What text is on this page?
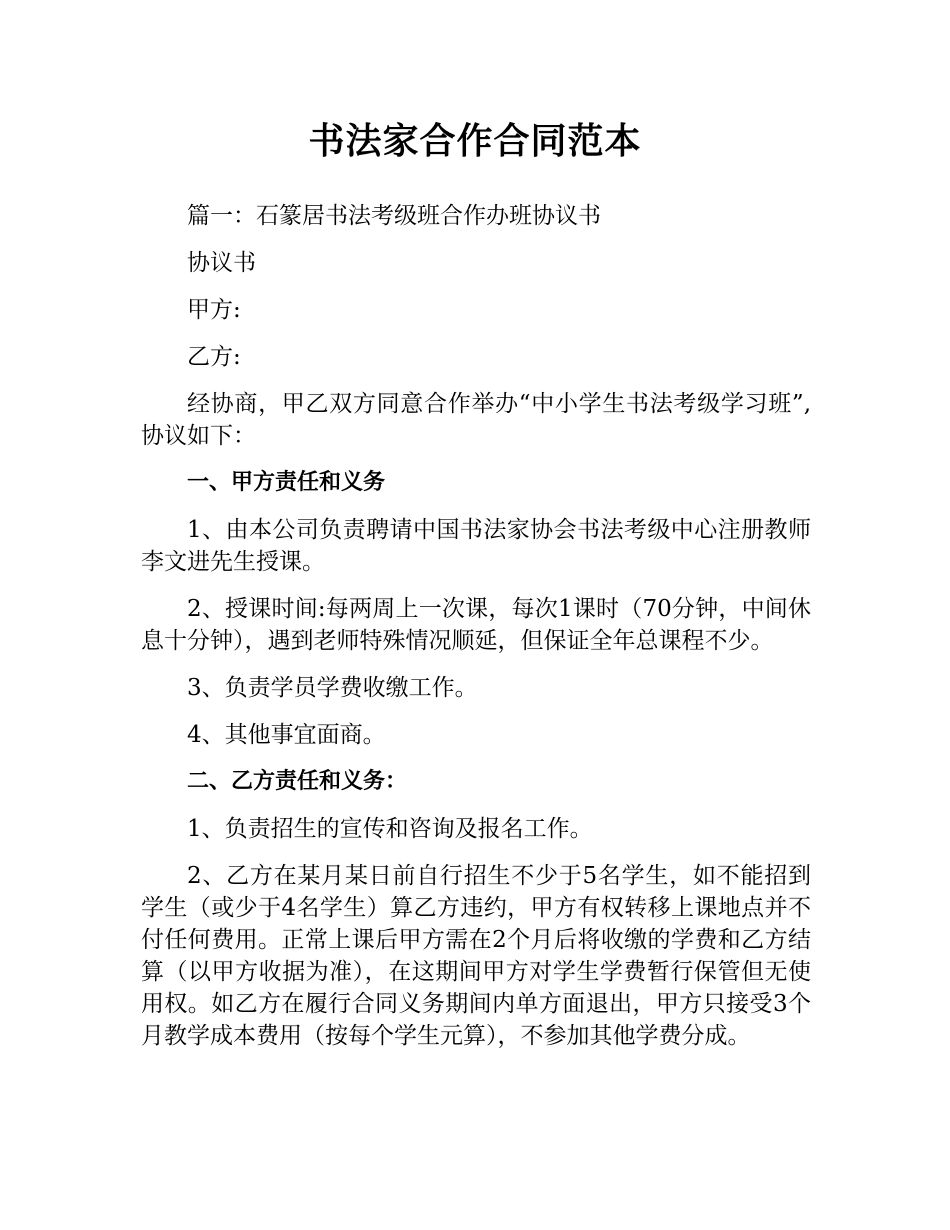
书法家合作合同范本

篇一：石篆居书法考级班合作办班协议书

协议书

甲方:

乙方:

经协商，甲乙双方同意合作举办“中小学生书法考级学习班”,协议如下：

一、甲方责任和义务

1、由本公司负责聘请中国书法家协会书法考级中心注册教师李文进先生授课。

2、授课时间:每两周上一次课，每次1课时（70分钟，中间休息十分钟），遇到老师特殊情况顺延，但保证全年总课程不少。

3、负责学员学费收缴工作。

4、其他事宜面商。

二、乙方责任和义务：

1、负责招生的宣传和咨询及报名工作。

2、乙方在某月某日前自行招生不少于5名学生，如不能招到学生（或少于4名学生）算乙方违约，甲方有权转移上课地点并不付任何费用。正常上课后甲方需在2个月后将收缴的学费和乙方结算（以甲方收据为准），在这期间甲方对学生学费暂行保管但无使用权。如乙方在履行合同义务期间内单方面退出，甲方只接受3个月教学成本费用（按每个学生元算），不参加其他学费分成。
